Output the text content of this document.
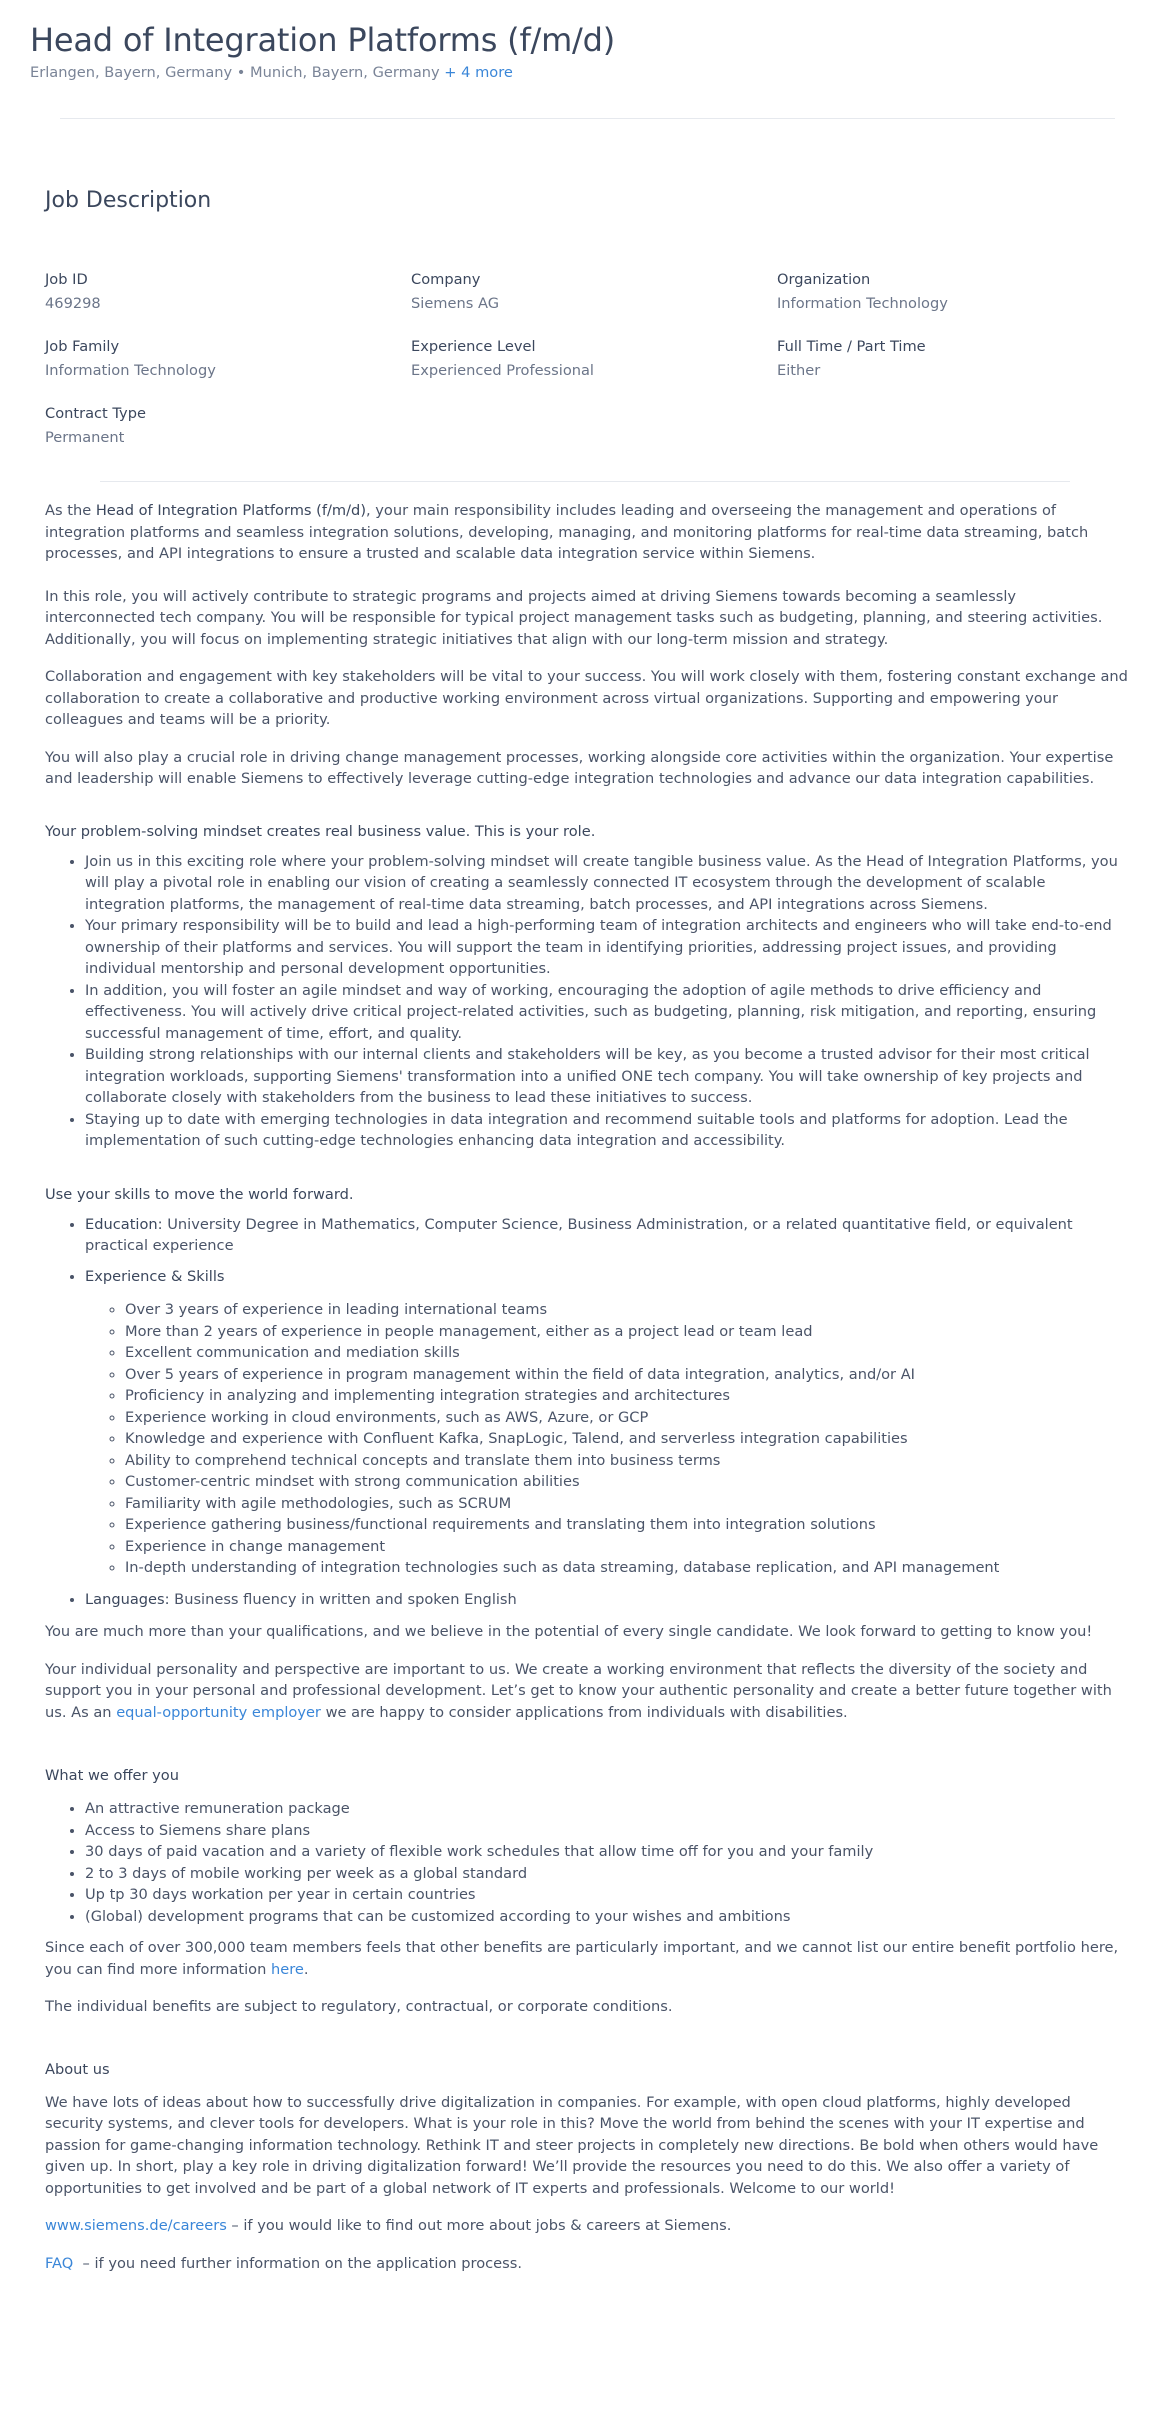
Head of Integration Platforms (f/m/d)
Erlangen, Bayern, Germany • Munich, Bayern, Germany + 4 more
Job Description
Job ID
469298
Company
Siemens AG
Organization
Information Technology
Job Family
Information Technology
Experience Level
Experienced Professional
Full Time / Part Time
Either
Contract Type
Permanent

As the Head of Integration Platforms (f/m/d), your main responsibility includes leading and overseeing the management and operations of integration platforms and seamless integration solutions, developing, managing, and monitoring platforms for real-time data streaming, batch processes, and API integrations to ensure a trusted and scalable data integration service within Siemens.

In this role, you will actively contribute to strategic programs and projects aimed at driving Siemens towards becoming a seamlessly interconnected tech company. You will be responsible for typical project management tasks such as budgeting, planning, and steering activities. Additionally, you will focus on implementing strategic initiatives that align with our long-term mission and strategy.

Collaboration and engagement with key stakeholders will be vital to your success. You will work closely with them, fostering constant exchange and collaboration to create a collaborative and productive working environment across virtual organizations. Supporting and empowering your colleagues and teams will be a priority.

You will also play a crucial role in driving change management processes, working alongside core activities within the organization. Your expertise and leadership will enable Siemens to effectively leverage cutting-edge integration technologies and advance our data integration capabilities.

Your problem-solving mindset creates real business value. This is your role.
• Join us in this exciting role where your problem-solving mindset will create tangible business value. As the Head of Integration Platforms, you will play a pivotal role in enabling our vision of creating a seamlessly connected IT ecosystem through the development of scalable integration platforms, the management of real-time data streaming, batch processes, and API integrations across Siemens.
• Your primary responsibility will be to build and lead a high-performing team of integration architects and engineers who will take end-to-end ownership of their platforms and services. You will support the team in identifying priorities, addressing project issues, and providing individual mentorship and personal development opportunities.
• In addition, you will foster an agile mindset and way of working, encouraging the adoption of agile methods to drive efficiency and effectiveness. You will actively drive critical project-related activities, such as budgeting, planning, risk mitigation, and reporting, ensuring successful management of time, effort, and quality.
• Building strong relationships with our internal clients and stakeholders will be key, as you become a trusted advisor for their most critical integration workloads, supporting Siemens' transformation into a unified ONE tech company. You will take ownership of key projects and collaborate closely with stakeholders from the business to lead these initiatives to success.
• Staying up to date with emerging technologies in data integration and recommend suitable tools and platforms for adoption. Lead the implementation of such cutting-edge technologies enhancing data integration and accessibility.
Use your skills to move the world forward.
• Education: University Degree in Mathematics, Computer Science, Business Administration, or a related quantitative field, or equivalent practical experience
• Experience & Skills
◦ Over 3 years of experience in leading international teams
◦ More than 2 years of experience in people management, either as a project lead or team lead
◦ Excellent communication and mediation skills
◦ Over 5 years of experience in program management within the field of data integration, analytics, and/or AI
◦ Proficiency in analyzing and implementing integration strategies and architectures
◦ Experience working in cloud environments, such as AWS, Azure, or GCP
◦ Knowledge and experience with Confluent Kafka, SnapLogic, Talend, and serverless integration capabilities
◦ Ability to comprehend technical concepts and translate them into business terms
◦ Customer-centric mindset with strong communication abilities
◦ Familiarity with agile methodologies, such as SCRUM
◦ Experience gathering business/functional requirements and translating them into integration solutions
◦ Experience in change management
◦ In-depth understanding of integration technologies such as data streaming, database replication, and API management
• Languages: Business fluency in written and spoken English

You are much more than your qualifications, and we believe in the potential of every single candidate. We look forward to getting to know you!

Your individual personality and perspective are important to us. We create a working environment that reflects the diversity of the society and support you in your personal and professional development. Let’s get to know your authentic personality and create a better future together with us. As an equal-opportunity employer we are happy to consider applications from individuals with disabilities.

What we offer you
• An attractive remuneration package
• Access to Siemens share plans
• 30 days of paid vacation and a variety of flexible work schedules that allow time off for you and your family
• 2 to 3 days of mobile working per week as a global standard
• Up tp 30 days workation per year in certain countries
• (Global) development programs that can be customized according to your wishes and ambitions

Since each of over 300,000 team members feels that other benefits are particularly important, and we cannot list our entire benefit portfolio here, you can find more information here.

The individual benefits are subject to regulatory, contractual, or corporate conditions.

About us

We have lots of ideas about how to successfully drive digitalization in companies. For example, with open cloud platforms, highly developed security systems, and clever tools for developers. What is your role in this? Move the world from behind the scenes with your IT expertise and passion for game-changing information technology. Rethink IT and steer projects in completely new directions. Be bold when others would have given up. In short, play a key role in driving digitalization forward! We’ll provide the resources you need to do this. We also offer a variety of opportunities to get involved and be part of a global network of IT experts and professionals. Welcome to our world!

www.siemens.de/careers – if you would like to find out more about jobs & careers at Siemens.

FAQ  – if you need further information on the application process.
